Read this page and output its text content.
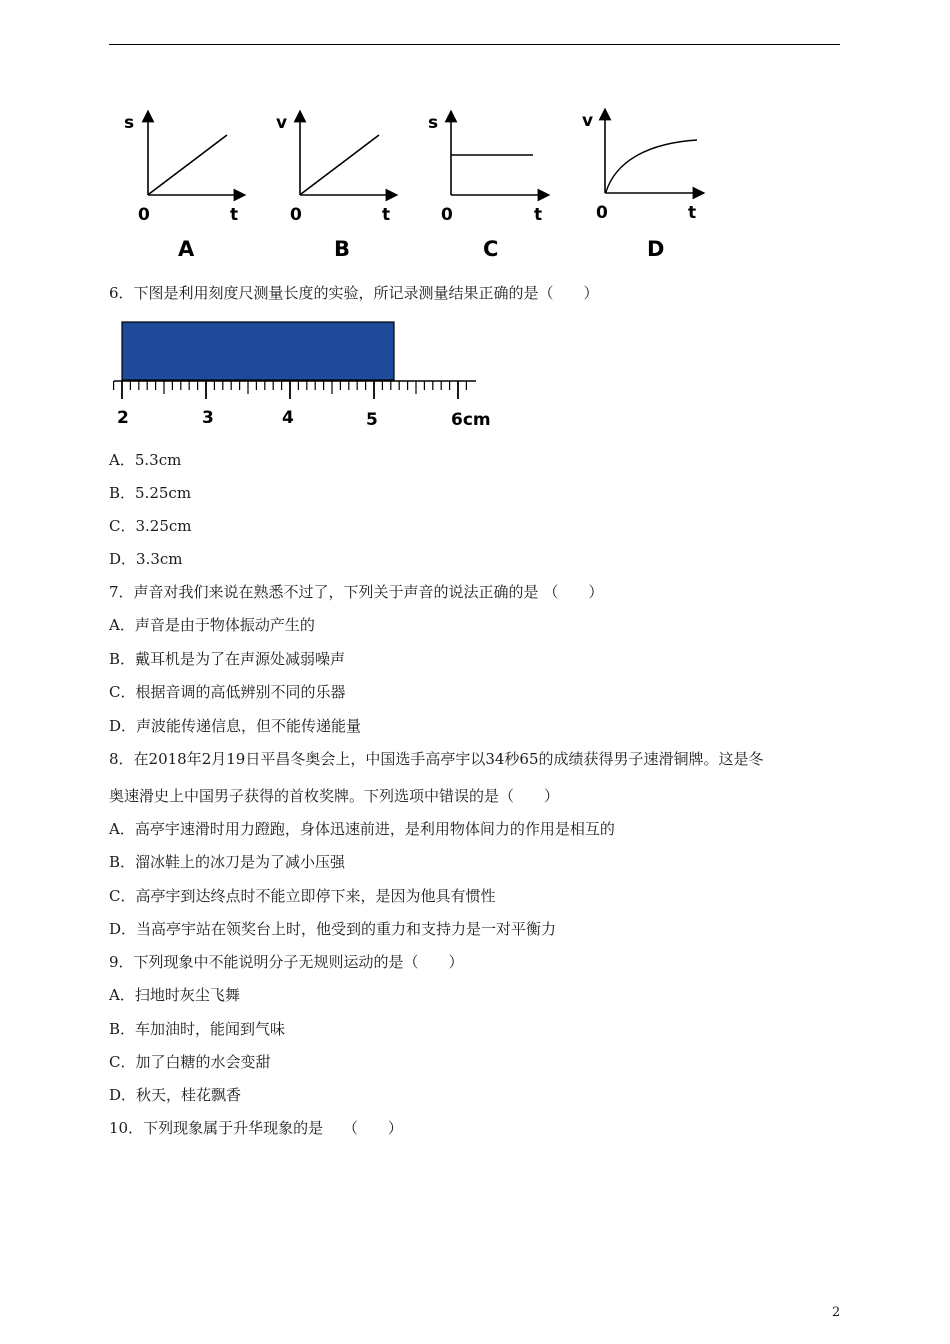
s
0	t
A
v
0	t
B
s
0	t
C
v
0	t
D
6．下图是利用刻度尺测量长度的实验，所记录测量结果正确的是（　　）
2	3	4	5	6cm
A．5.3cm
B．5.25cm
C．3.25cm
D．3.3cm
7．声音对我们来说在熟悉不过了，下列关于声音的说法正确的是 （　　）
A．声音是由于物体振动产生的
B．戴耳机是为了在声源处减弱噪声
C．根据音调的高低辨别不同的乐器
D．声波能传递信息，但不能传递能量
8．在2018年2月19日平昌冬奥会上，中国选手高亭宇以34秒65的成绩获得男子速滑铜牌。这是冬
奥速滑史上中国男子获得的首枚奖牌。下列选项中错误的是（　　）
A．高亭宇速滑时用力蹬跑，身体迅速前进，是利用物体间力的作用是相互的
B．溜冰鞋上的冰刀是为了减小压强
C．高亭宇到达终点时不能立即停下来，是因为他具有惯性
D．当高亭宇站在领奖台上时，他受到的重力和支持力是一对平衡力
9．下列现象中不能说明分子无规则运动的是（　　）
A．扫地时灰尘飞舞
B．车加油时，能闻到气味
C．加了白糖的水会变甜
D．秋天，桂花飘香
10．下列现象属于升华现象的是　 （　　）
2
